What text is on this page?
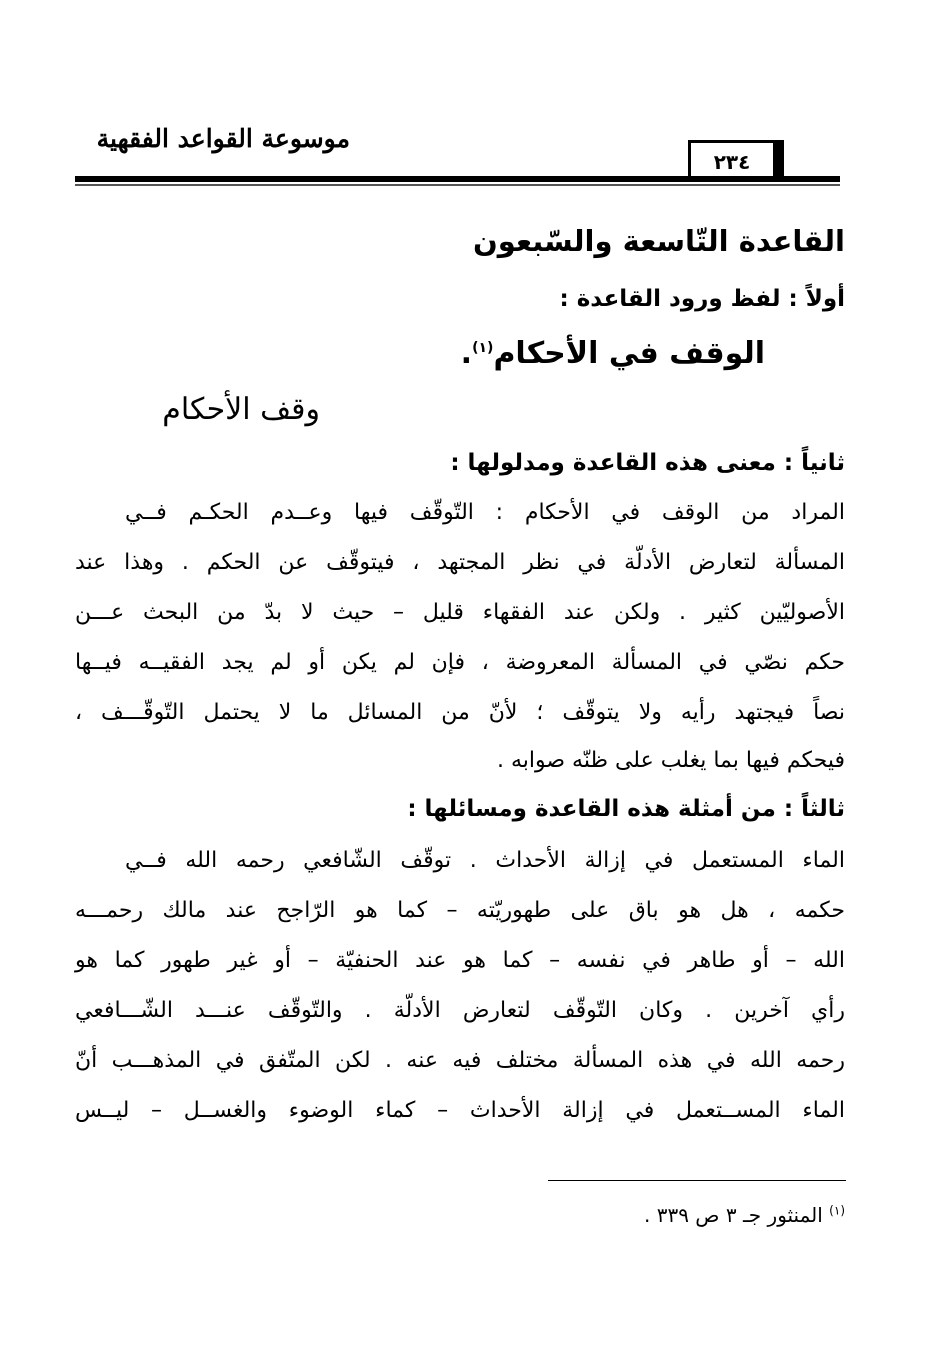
موسوعة القواعد الفقهية
٢٣٤
القاعدة التّاسعة والسّبعون
أولاً : لفظ ورود القاعدة :
الوقف في الأحكام$^{(١)}$.
وقف الأحكام
ثانياً : معنى هذه القاعدة ومدلولها :
المراد من الوقف في الأحكام : التّوقّف فيها وعــدم الحكـم فــي
المسألة لتعارض الأدلّة في نظر المجتهد ، فيتوقّف عن الحكم . وهذا عند
الأصوليّين كثير . ولكن عند الفقهاء قليل – حيث لا بدّ من البحث عـــن
حكم نصّي في المسألة المعروضة ، فإن لم يكن أو لم يجد الفقيــه فيــها
نصاً فيجتهد رأيه ولا يتوقّف ؛ لأنّ من المسائل ما لا يحتمل التّوقّـــف ،
فيحكم فيها بما يغلب على ظنّه صوابه .
ثالثاً : من أمثلة هذه القاعدة ومسائلها :
الماء المستعمل في إزالة الأحداث . توقّف الشّافعي رحمه الله فــي
حكمه ، هل هو باق على طهوريّته – كما هو الرّاجح عند مالك رحمـــه
الله – أو طاهر في نفسه – كما هو عند الحنفيّة – أو غير طهور كما هو
رأي آخرين . وكان التّوقّف لتعارض الأدلّة . والتّوقّف عنـــد الشّـــافعي
رحمه الله في هذه المسألة مختلف فيه عنه . لكن المتّفق في المذهـــب أنّ
الماء المســتعمل في إزالة الأحداث – كماء الوضوء والغســل – ليــس
$^{(١)}$ المنثور جـ ٣ ص ٣٣٩ .
